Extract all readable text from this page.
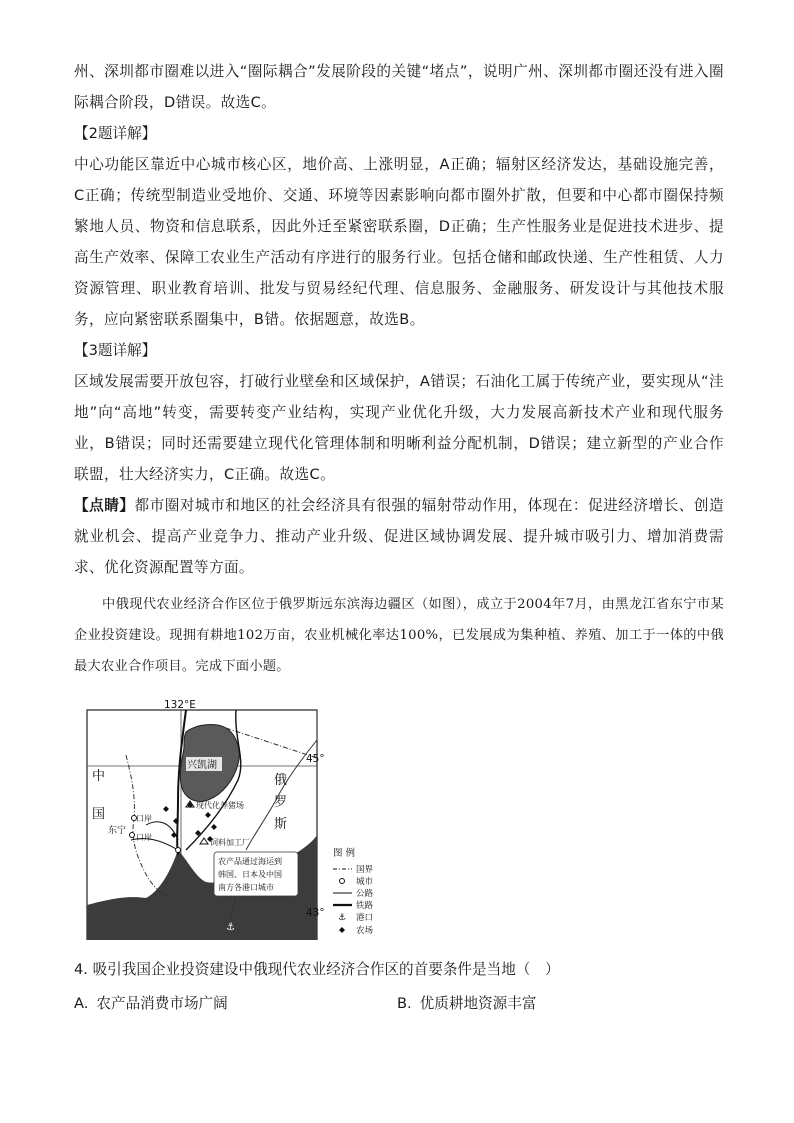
州、深圳都市圈难以进入“圈际耦合”发展阶段的关键“堵点”，说明广州、深圳都市圈还没有进入圈际耦合阶段，D错误。故选C。

【2题详解】

中心功能区靠近中心城市核心区，地价高、上涨明显，A正确；辐射区经济发达，基础设施完善，C正确；传统型制造业受地价、交通、环境等因素影响向都市圈外扩散，但要和中心都市圈保持频繁地人员、物资和信息联系，因此外迁至紧密联系圈，D正确；生产性服务业是促进技术进步、提高生产效率、保障工农业生产活动有序进行的服务行业。包括仓储和邮政快递、生产性租赁、人力资源管理、职业教育培训、批发与贸易经纪代理、信息服务、金融服务、研发设计与其他技术服务，应向紧密联系圈集中，B错。依据题意，故选B。

【3题详解】

区域发展需要开放包容，打破行业壁垒和区域保护，A错误；石油化工属于传统产业，要实现从“洼地”向“高地”转变，需要转变产业结构，实现产业优化升级，大力发展高新技术产业和现代服务业，B错误；同时还需要建立现代化管理体制和明晰利益分配机制，D错误；建立新型的产业合作联盟，壮大经济实力，C正确。故选C。

【点睛】都市圈对城市和地区的社会经济具有很强的辐射带动作用，体现在：促进经济增长、创造就业机会、提高产业竞争力、推动产业升级、促进区域协调发展、提升城市吸引力、增加消费需求、优化资源配置等方面。

中俄现代农业经济合作区位于俄罗斯远东滨海边疆区（如图），成立于2004年7月，由黑龙江省东宁市某企业投资建设。现拥有耕地102万亩，农业机械化率达100%，已发展成为集种植、养殖、加工于一体的中俄最大农业合作项目。完成下面小题。

兴凯湖
⚓
农产品通过海运到
韩国、日本及中国
南方各港口城市
132°E
45°
43°
中
国
俄
罗
斯
现代化养猪场
饲料加工厂
口岸
口岸
东宁
图 例
国界
城市
公路
铁路
⚓ 港口
农场

4. 吸引我国企业投资建设中俄现代农业经济合作区的首要条件是当地（　）

A. 农产品消费市场广阔	B. 优质耕地资源丰富
